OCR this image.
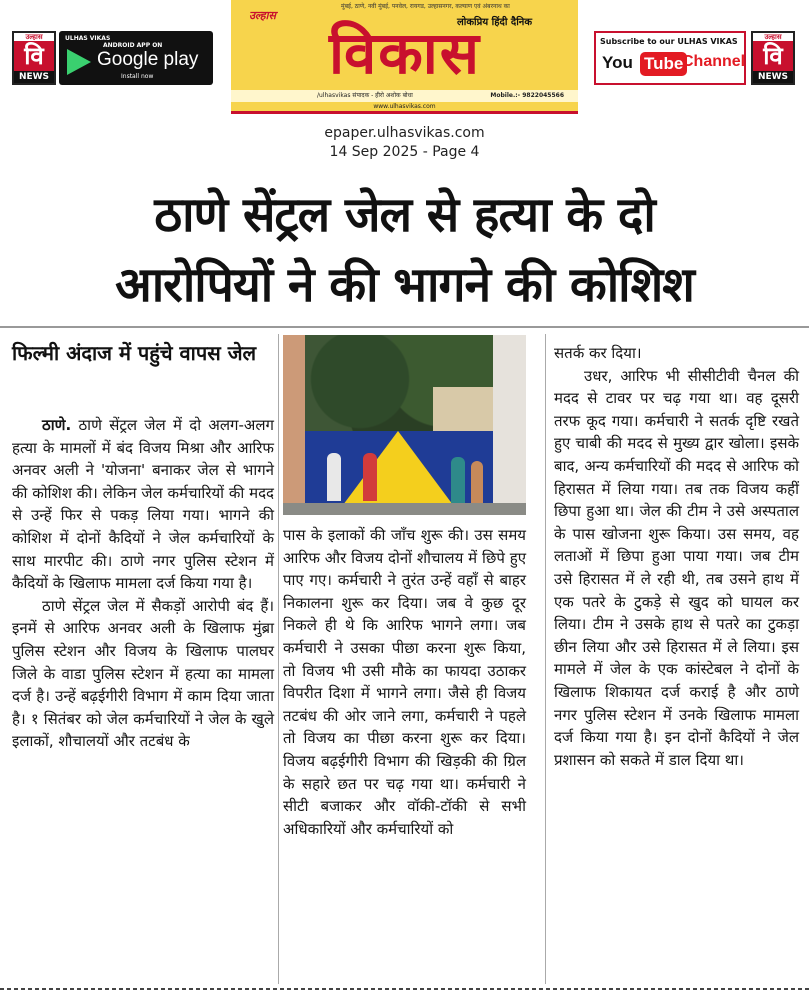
उल्हास
वि
NEWS
ULHAS VIKAS
ANDROID APP ON
Google play
Install now
मुंबई, ठाणे, नवी मुंबई, पनवेल, रायगड, उल्हासनगर, कल्याण एवं अंबरनाथ का
उल्हास
लोकप्रिय हिंदी दैनिक
विकास
/ulhasvikas संपादक - हीरो अशोक बोधा	Mobile.:- 9822045566
www.ulhasvikas.com
Subscribe to our ULHAS VIKAS
You Tube
Channel
उल्हास
वि
NEWS
epaper.ulhasvikas.com
14 Sep 2025 - Page 4
ठाणे सेंट्रल जेल से हत्या के दो
आरोपियों ने की भागने की कोशिश
फिल्मी अंदाज में पहुंचे वापस जेल

ठाणे. ठाणे सेंट्रल जेल में दो अलग-अलग हत्या के मामलों में बंद विजय मिश्रा और आरिफ अनवर अली ने 'योजना' बनाकर जेल से भागने की कोशिश की। लेकिन जेल कर्मचारियों की मदद से उन्हें फिर से पकड़ लिया गया। भागने की कोशिश में दोनों कैदियों ने जेल कर्मचारियों के साथ मारपीट की। ठाणे नगर पुलिस स्टेशन में कैदियों के खिलाफ मामला दर्ज किया गया है।

ठाणे सेंट्रल जेल में सैकड़ों आरोपी बंद हैं। इनमें से आरिफ अनवर अली के खिलाफ मुंब्रा पुलिस स्टेशन और विजय के खिलाफ पालघर जिले के वाडा पुलिस स्टेशन में हत्या का मामला दर्ज है। उन्हें बढ़ईगीरी विभाग में काम दिया जाता है। १ सितंबर को जेल कर्मचारियों ने जेल के खुले इलाकों, शौचालयों और तटबंध के

पास के इलाकों की जाँच शुरू की। उस समय आरिफ और विजय दोनों शौचालय में छिपे हुए पाए गए। कर्मचारी ने तुरंत उन्हें वहाँ से बाहर निकालना शुरू कर दिया। जब वे कुछ दूर निकले ही थे कि आरिफ भागने लगा। जब कर्मचारी ने उसका पीछा करना शुरू किया, तो विजय भी उसी मौके का फायदा उठाकर विपरीत दिशा में भागने लगा। जैसे ही विजय तटबंध की ओर जाने लगा, कर्मचारी ने पहले तो विजय का पीछा करना शुरू कर दिया। विजय बढ़ईगीरी विभाग की खिड़की की ग्रिल के सहारे छत पर चढ़ गया था। कर्मचारी ने सीटी बजाकर और वॉकी-टॉकी से सभी अधिकारियों और कर्मचारियों को

सतर्क कर दिया।

उधर, आरिफ भी सीसीटीवी चैनल की मदद से टावर पर चढ़ गया था। वह दूसरी तरफ कूद गया। कर्मचारी ने सतर्क दृष्टि रखते हुए चाबी की मदद से मुख्य द्वार खोला। इसके बाद, अन्य कर्मचारियों की मदद से आरिफ को हिरासत में लिया गया। तब तक विजय कहीं छिपा हुआ था। जेल की टीम ने उसे अस्पताल के पास खोजना शुरू किया। उस समय, वह लताओं में छिपा हुआ पाया गया। जब टीम उसे हिरासत में ले रही थी, तब उसने हाथ में एक पतरे के टुकड़े से खुद को घायल कर लिया। टीम ने उसके हाथ से पतरे का टुकड़ा छीन लिया और उसे हिरासत में ले लिया। इस मामले में जेल के एक कांस्टेबल ने दोनों के खिलाफ शिकायत दर्ज कराई है और ठाणे नगर पुलिस स्टेशन में उनके खिलाफ मामला दर्ज किया गया है। इन दोनों कैदियों ने जेल प्रशासन को सकते में डाल दिया था।
